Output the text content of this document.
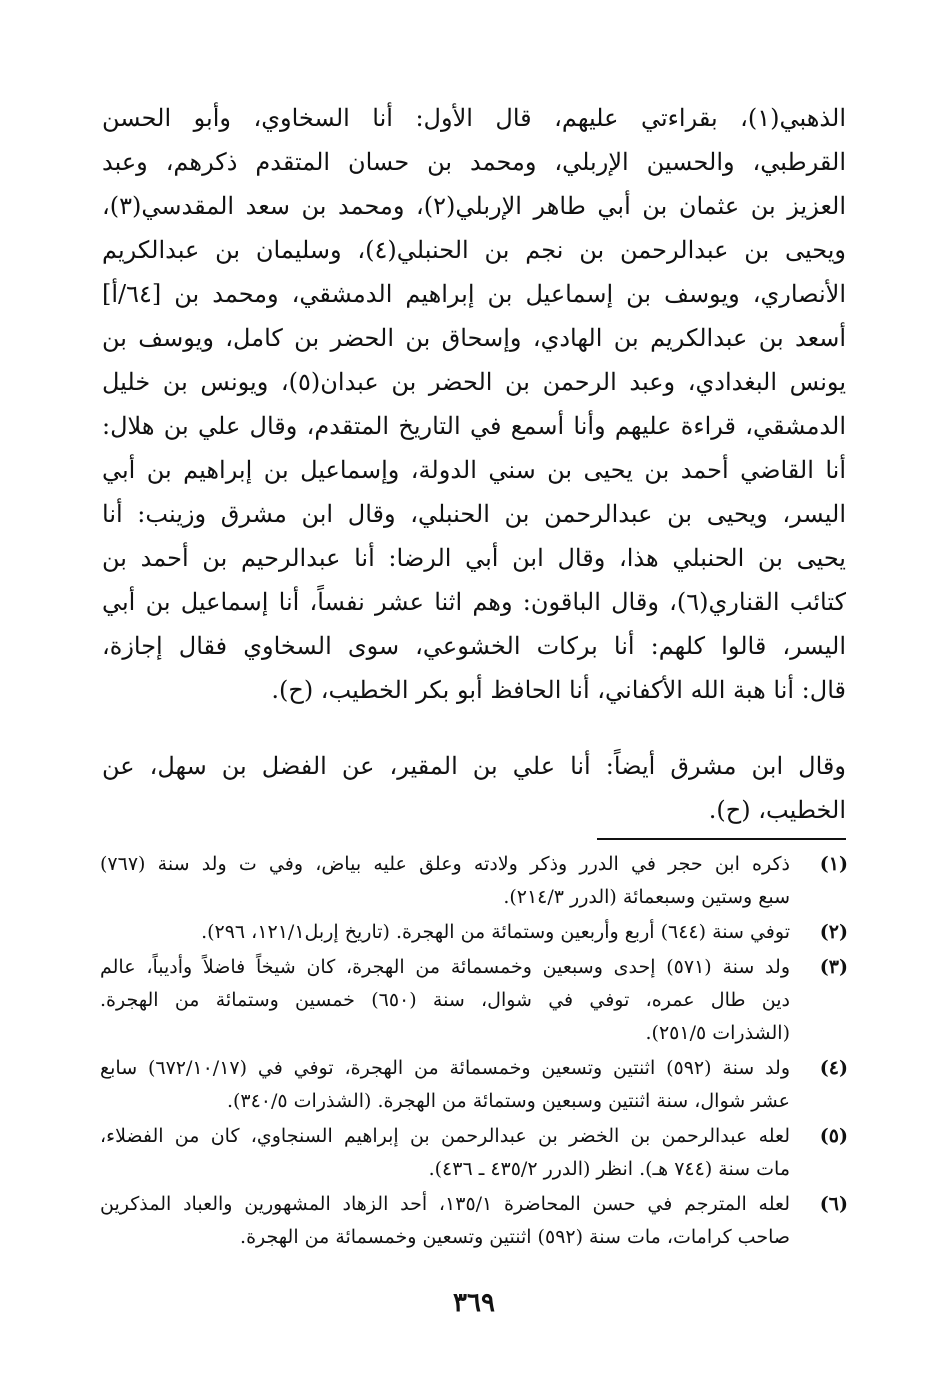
الذهبي(١)، بقراءتي عليهم، قال الأول: أنا السخاوي، وأبو الحسن
القرطبي، والحسين الإربلي، ومحمد بن حسان المتقدم ذكرهم، وعبد
العزيز بن عثمان بن أبي طاهر الإربلي(٢)، ومحمد بن سعد المقدسي(٣)،
ويحيى بن عبدالرحمن بن نجم بن الحنبلي(٤)، وسليمان بن عبدالكريم
الأنصاري، ويوسف بن إسماعيل بن إبراهيم الدمشقي، ومحمد بن [٦٤/أ]
أسعد بن عبدالكريم بن الهادي، وإسحاق بن الحضر بن كامل، ويوسف بن
يونس البغدادي، وعبد الرحمن بن الحضر بن عبدان(٥)، ويونس بن خليل
الدمشقي، قراءة عليهم وأنا أسمع في التاريخ المتقدم، وقال علي بن هلال:
أنا القاضي أحمد بن يحيى بن سني الدولة، وإسماعيل بن إبراهيم بن أبي
اليسر، ويحيى بن عبدالرحمن بن الحنبلي، وقال ابن مشرق وزينب: أنا
يحيى بن الحنبلي هذا، وقال ابن أبي الرضا: أنا عبدالرحيم بن أحمد بن
كتائب القناري(٦)، وقال الباقون: وهم اثنا عشر نفساً، أنا إسماعيل بن أبي
اليسر، قالوا كلهم: أنا بركات الخشوعي، سوى السخاوي فقال إجازة،
قال: أنا هبة الله الأكفاني، أنا الحافظ أبو بكر الخطيب، (ح).
وقال ابن مشرق أيضاً: أنا علي بن المقير، عن الفضل بن سهل، عن
الخطيب، (ح).
(١)
ذكره ابن حجر في الدرر وذكر ولادته وعلق عليه بياض، وفي ت ولد سنة (٧٦٧)
سبع وستين وسبعمائة (الدرر ٢١٤/٣).
(٢)
توفي سنة (٦٤٤) أربع وأربعين وستمائة من الهجرة. (تاريخ إربل١٢١/١، ٢٩٦).
(٣)
ولد سنة (٥٧١) إحدى وسبعين وخمسمائة من الهجرة، كان شيخاً فاضلاً وأديباً، عالم
دين طال عمره، توفي في شوال، سنة (٦٥٠) خمسين وستمائة من الهجرة.
(الشذرات ٢٥١/٥).
(٤)
ولد سنة (٥٩٢) اثنتين وتسعين وخمسمائة من الهجرة، توفي في (٦٧٢/١٠/١٧) سابع
عشر شوال، سنة اثنتين وسبعين وستمائة من الهجرة. (الشذرات ٣٤٠/٥).
(٥)
لعله عبدالرحمن بن الخضر بن عبدالرحمن بن إبراهيم السنجاوي، كان من الفضلاء،
مات سنة (٧٤٤ هـ). انظر (الدرر ٤٣٥/٢ ـ ٤٣٦).
(٦)
لعله المترجم في حسن المحاضرة ١٣٥/١، أحد الزهاد المشهورين والعباد المذكرين
صاحب كرامات، مات سنة (٥٩٢) اثنتين وتسعين وخمسمائة من الهجرة.
٣٦٩
